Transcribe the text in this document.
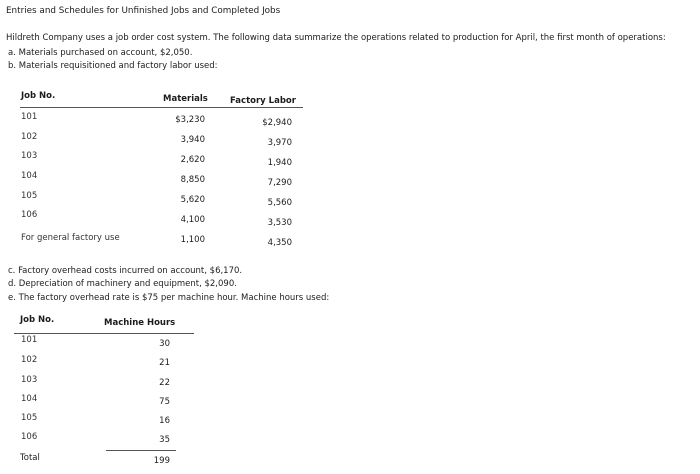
Entries and Schedules for Unfinished Jobs and Completed Jobs
Hildreth Company uses a job order cost system. The following data summarize the operations related to production for April, the first month of operations:
a. Materials purchased on account, $2,050.
b. Materials requisitioned and factory labor used:
Job No.	Materials	Factory Labor
101	$3,230	$2,940
102	3,940	3,970
103	2,620	1,940
104	8,850	7,290
105	5,620	5,560
106	4,100	3,530
For general factory use	1,100	4,350
c. Factory overhead costs incurred on account, $6,170.
d. Depreciation of machinery and equipment, $2,090.
e. The factory overhead rate is $75 per machine hour. Machine hours used:
Job No.	Machine Hours
101	30
102	21
103	22
104	75
105	16
106	35
Total	199
